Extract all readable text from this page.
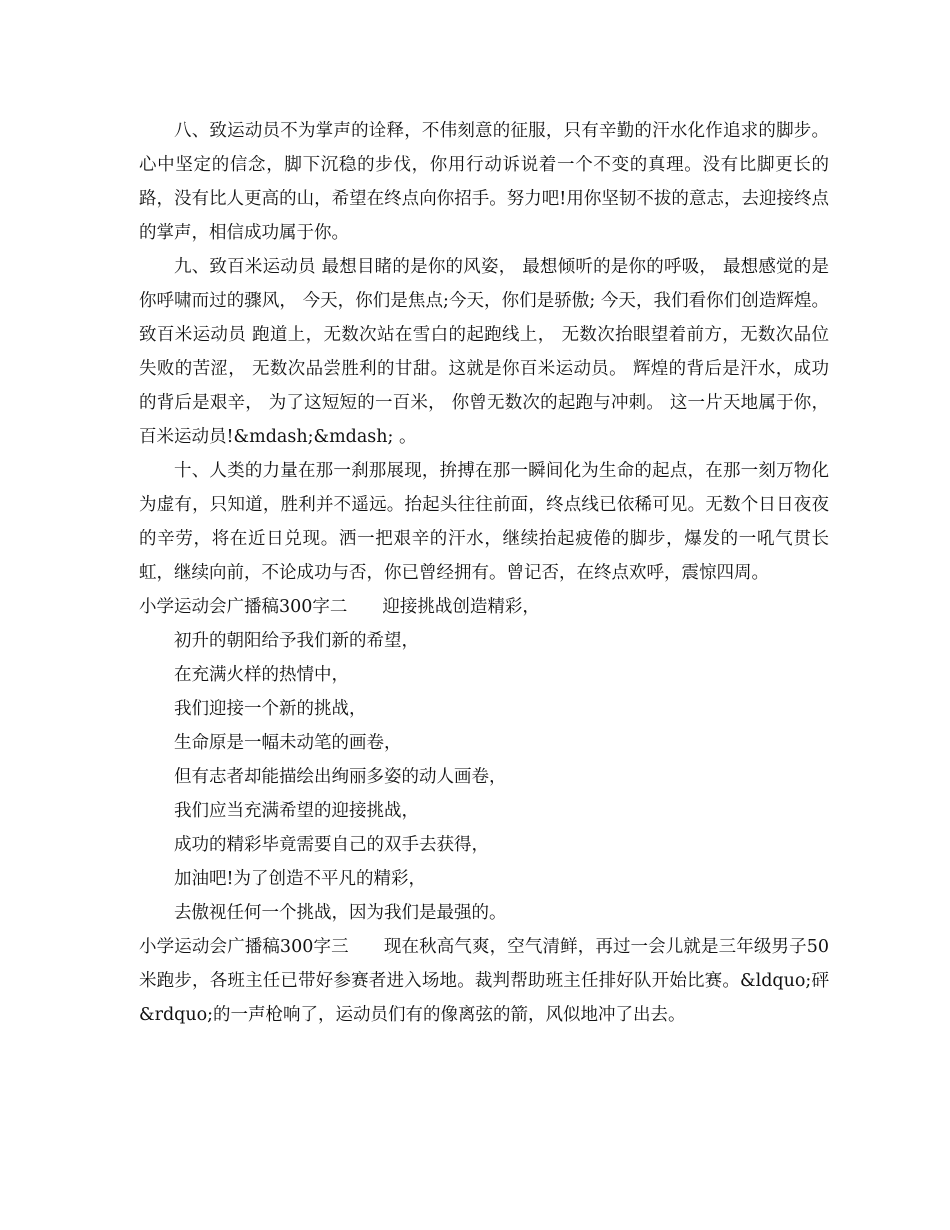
八、致运动员不为掌声的诠释，不伟刻意的征服，只有辛勤的汗水化作追求的脚步。心中坚定的信念，脚下沉稳的步伐，你用行动诉说着一个不变的真理。没有比脚更长的路，没有比人更高的山，希望在终点向你招手。努力吧!用你坚韧不拔的意志，去迎接终点的掌声，相信成功属于你。

九、致百米运动员 最想目睹的是你的风姿， 最想倾听的是你的呼吸， 最想感觉的是你呼啸而过的骤风， 今天，你们是焦点;今天，你们是骄傲; 今天，我们看你们创造辉煌。 致百米运动员 跑道上，无数次站在雪白的起跑线上， 无数次抬眼望着前方，无数次品位失败的苦涩， 无数次品尝胜利的甘甜。这就是你百米运动员。 辉煌的背后是汗水，成功的背后是艰辛， 为了这短短的一百米， 你曾无数次的起跑与冲刺。 这一片天地属于你，百米运动员!&mdash;&mdash; 。

十、人类的力量在那一刹那展现，拚搏在那一瞬间化为生命的起点，在那一刻万物化为虚有，只知道，胜利并不遥远。抬起头往往前面，终点线已依稀可见。无数个日日夜夜的辛劳，将在近日兑现。洒一把艰辛的汗水，继续抬起疲倦的脚步，爆发的一吼气贯长虹，继续向前，不论成功与否，你已曾经拥有。曾记否，在终点欢呼，震惊四周。

小学运动会广播稿300字二　　迎接挑战创造精彩，

初升的朝阳给予我们新的希望，

在充满火样的热情中，

我们迎接一个新的挑战，

生命原是一幅未动笔的画卷，

但有志者却能描绘出绚丽多姿的动人画卷，

我们应当充满希望的迎接挑战，

成功的精彩毕竟需要自己的双手去获得，

加油吧!为了创造不平凡的精彩，

去傲视任何一个挑战，因为我们是最强的。

小学运动会广播稿300字三　　现在秋高气爽，空气清鲜，再过一会儿就是三年级男子50米跑步，各班主任已带好参赛者进入场地。裁判帮助班主任排好队开始比赛。&ldquo;砰&rdquo;的一声枪响了，运动员们有的像离弦的箭，风似地冲了出去。
